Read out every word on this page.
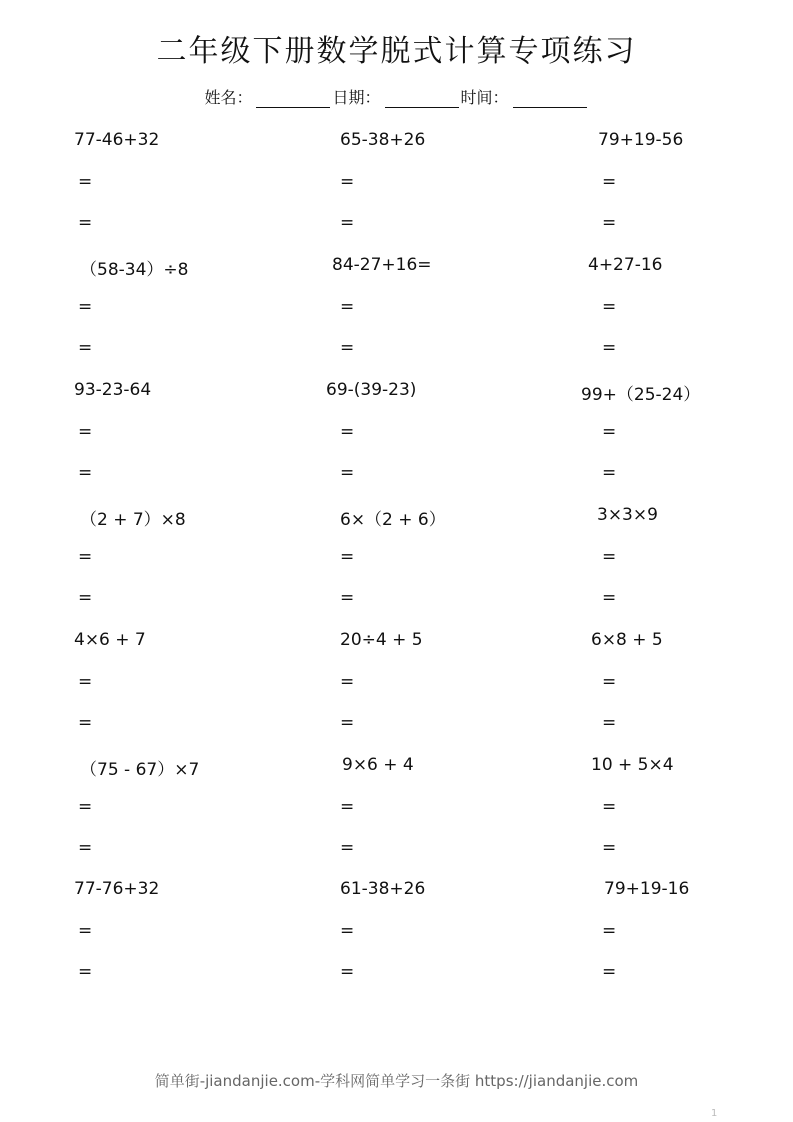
二年级下册数学脱式计算专项练习
姓名：	日期：	时间：
77-46+32
=
=
65-38+26
=
=
79+19-56
=
=
（58-34）÷8
=
=
84-27+16=
=
=
4+27-16
=
=
93-23-64
=
=
69-(39-23)
=
=
99+（25-24）
=
=
（2 + 7）×8
=
=
6×（2 + 6）
=
=
3×3×9
=
=
4×6 + 7
=
=
20÷4 + 5
=
=
6×8 + 5
=
=
（75 - 67）×7
=
=
9×6 + 4
=
=
10 + 5×4
=
=
77-76+32
=
=
61-38+26
=
=
79+19-16
=
=
简单街-jiandanjie.com-学科网简单学习一条街 https://jiandanjie.com
1
